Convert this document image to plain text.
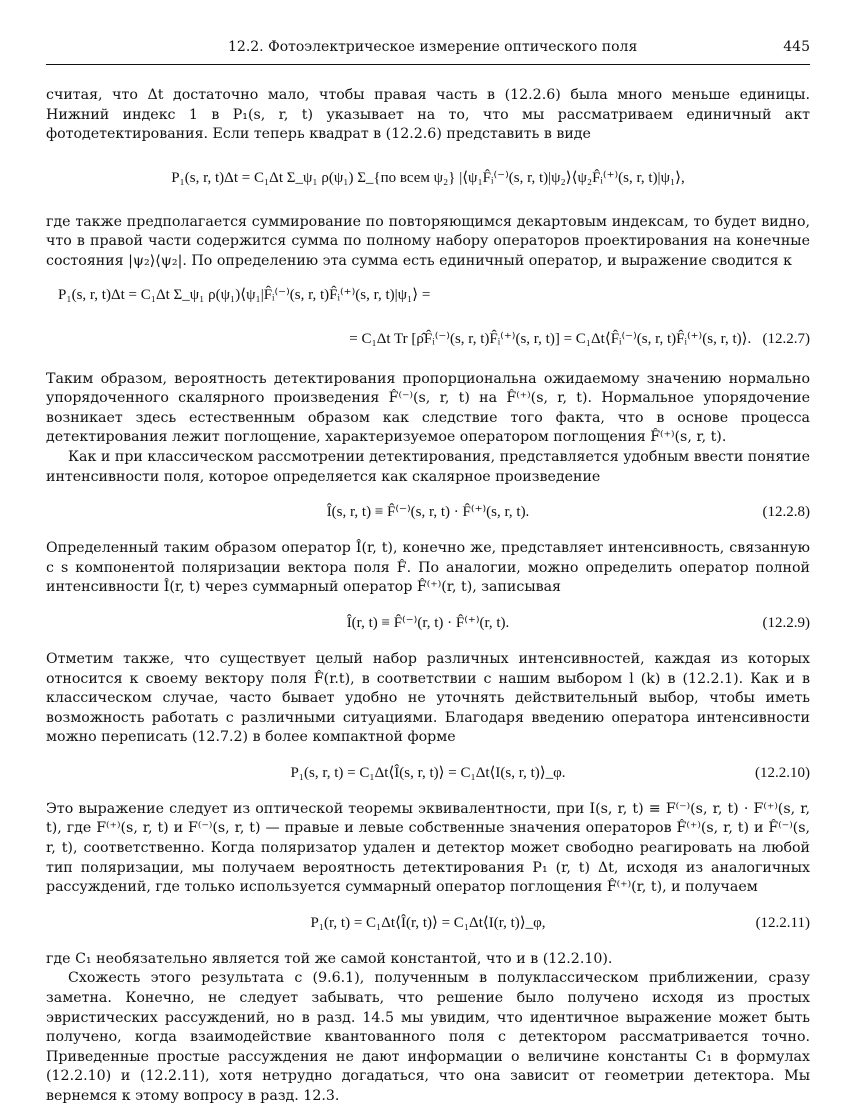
12.2. Фотоэлектрическое измерение оптического поля	445

считая, что Δt достаточно мало, чтобы правая часть в (12.2.6) была много меньше единицы. Нижний индекс 1 в P₁(s, r, t) указывает на то, что мы рассматриваем единичный акт фотодетектирования. Если теперь квадрат в (12.2.6) представить в виде

P₁(s, r, t)Δt = C₁Δt Σ_ψ₁ ρ(ψ₁) Σ_{по всем ψ₂} |⟨ψ₁F̂ᵢ⁽⁻⁾(s, r, t)|ψ₂⟩⟨ψ₂F̂ᵢ⁽⁺⁾(s, r, t)|ψ₁⟩,

где также предполагается суммирование по повторяющимся декартовым индексам, то будет видно, что в правой части содержится сумма по полному набору операторов проектирования на конечные состояния |ψ₂⟩⟨ψ₂|. По определению эта сумма есть единичный оператор, и выражение сводится к

P₁(s, r, t)Δt = C₁Δt Σ_ψ₁ ρ(ψ₁)⟨ψ₁|F̂ᵢ⁽⁻⁾(s, r, t)F̂ᵢ⁽⁺⁾(s, r, t)|ψ₁⟩ =
= C₁Δt Tr [ρ̂F̂ᵢ⁽⁻⁾(s, r, t)F̂ᵢ⁽⁺⁾(s, r, t)] = C₁Δt⟨F̂ᵢ⁽⁻⁾(s, r, t)F̂ᵢ⁽⁺⁾(s, r, t)⟩. (12.2.7)

Таким образом, вероятность детектирования пропорциональна ожидаемому значению нормально упорядоченного скалярного произведения F̂⁽⁻⁾(s, r, t) на F̂⁽⁺⁾(s, r, t). Нормальное упорядочение возникает здесь естественным образом как следствие того факта, что в основе процесса детектирования лежит поглощение, характеризуемое оператором поглощения F̂⁽⁺⁾(s, r, t).

Как и при классическом рассмотрении детектирования, представляется удобным ввести понятие интенсивности поля, которое определяется как скалярное произведение

Î(s, r, t) ≡ F̂⁽⁻⁾(s, r, t) · F̂⁽⁺⁾(s, r, t).	(12.2.8)

Определенный таким образом оператор Î(r, t), конечно же, представляет интенсивность, связанную с s компонентой поляризации вектора поля F̂. По аналогии, можно определить оператор полной интенсивности Î(r, t) через суммарный оператор F̂⁽⁺⁾(r, t), записывая

Î(r, t) ≡ F̂⁽⁻⁾(r, t) · F̂⁽⁺⁾(r, t).	(12.2.9)

Отметим также, что существует целый набор различных интенсивностей, каждая из которых относится к своему вектору поля F̂(r.t), в соответствии с нашим выбором l (k) в (12.2.1). Как и в классическом случае, часто бывает удобно не уточнять действительный выбор, чтобы иметь возможность работать с различными ситуациями. Благодаря введению оператора интенсивности можно переписать (12.7.2) в более компактной форме

P₁(s, r, t) = C₁Δt⟨Î(s, r, t)⟩ = C₁Δt⟨I(s, r, t)⟩_φ.	(12.2.10)

Это выражение следует из оптической теоремы эквивалентности, при I(s, r, t) ≡ F⁽⁻⁾(s, r, t) · F⁽⁺⁾(s, r, t), где F⁽⁺⁾(s, r, t) и F⁽⁻⁾(s, r, t) — правые и левые собственные значения операторов F̂⁽⁺⁾(s, r, t) и F̂⁽⁻⁾(s, r, t), соответственно. Когда поляризатор удален и детектор может свободно реагировать на любой тип поляризации, мы получаем вероятность детектирования P₁ (r, t) Δt, исходя из аналогичных рассуждений, где только используется суммарный оператор поглощения F̂⁽⁺⁾(r, t), и получаем

P₁(r, t) = C₁Δt⟨Î(r, t)⟩ = C₁Δt⟨I(r, t)⟩_φ,	(12.2.11)

где C₁ необязательно является той же самой константой, что и в (12.2.10).

Схожесть этого результата с (9.6.1), полученным в полуклассическом приближении, сразу заметна. Конечно, не следует забывать, что решение было получено исходя из простых эвристических рассуждений, но в разд. 14.5 мы увидим, что идентичное выражение может быть получено, когда взаимодействие квантованного поля с детектором рассматривается точно. Приведенные простые рассуждения не дают информации о величине константы C₁ в формулах (12.2.10) и (12.2.11), хотя нетрудно догадаться, что она зависит от геометрии детектора. Мы вернемся к этому вопросу в разд. 12.3.
